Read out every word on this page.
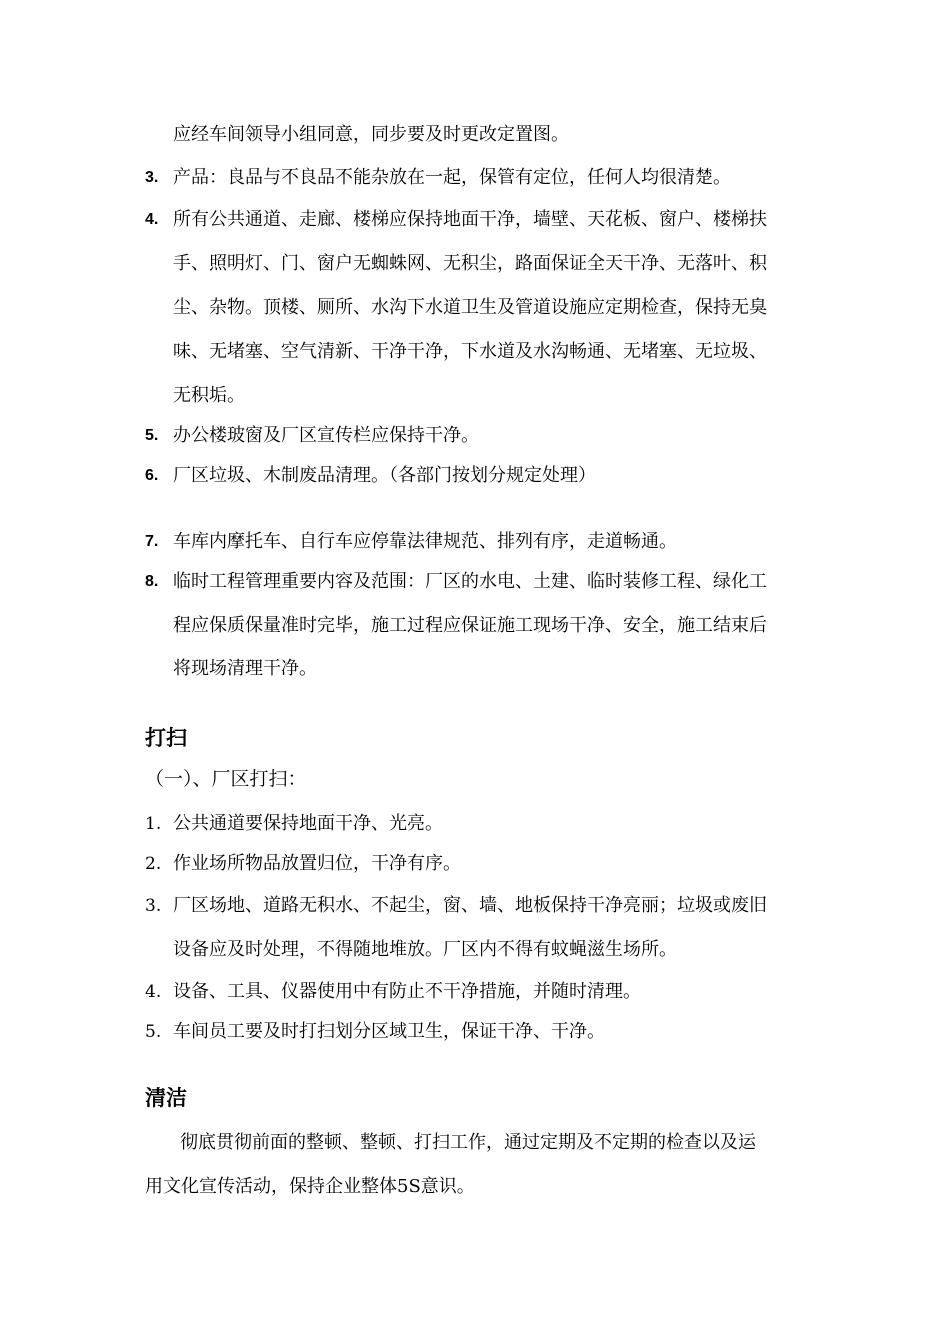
应经车间领导小组同意，同步要及时更改定置图。
3. 产品：良品与不良品不能杂放在一起，保管有定位，任何人均很清楚。
4. 所有公共通道、走廊、楼梯应保持地面干净，墙壁、天花板、窗户、楼梯扶
手、照明灯、门、窗户无蜘蛛网、无积尘，路面保证全天干净、无落叶、积
尘、杂物。顶楼、厕所、水沟下水道卫生及管道设施应定期检查，保持无臭
味、无堵塞、空气清新、干净干净，下水道及水沟畅通、无堵塞、无垃圾、
无积垢。
5. 办公楼玻窗及厂区宣传栏应保持干净。
6. 厂区垃圾、木制废品清理。（各部门按划分规定处理）
7. 车库内摩托车、自行车应停靠法律规范、排列有序，走道畅通。
8. 临时工程管理重要内容及范围：厂区的水电、土建、临时装修工程、绿化工
程应保质保量准时完毕，施工过程应保证施工现场干净、安全，施工结束后
将现场清理干净。
打扫
（一）、厂区打扫：
1. 公共通道要保持地面干净、光亮。
2. 作业场所物品放置归位，干净有序。
3. 厂区场地、道路无积水、不起尘，窗、墙、地板保持干净亮丽；垃圾或废旧
设备应及时处理，不得随地堆放。厂区内不得有蚊蝇滋生场所。
4. 设备、工具、仪器使用中有防止不干净措施，并随时清理。
5. 车间员工要及时打扫划分区域卫生，保证干净、干净。
清洁
彻底贯彻前面的整顿、整顿、打扫工作，通过定期及不定期的检查以及运
用文化宣传活动，保持企业整体5S意识。
